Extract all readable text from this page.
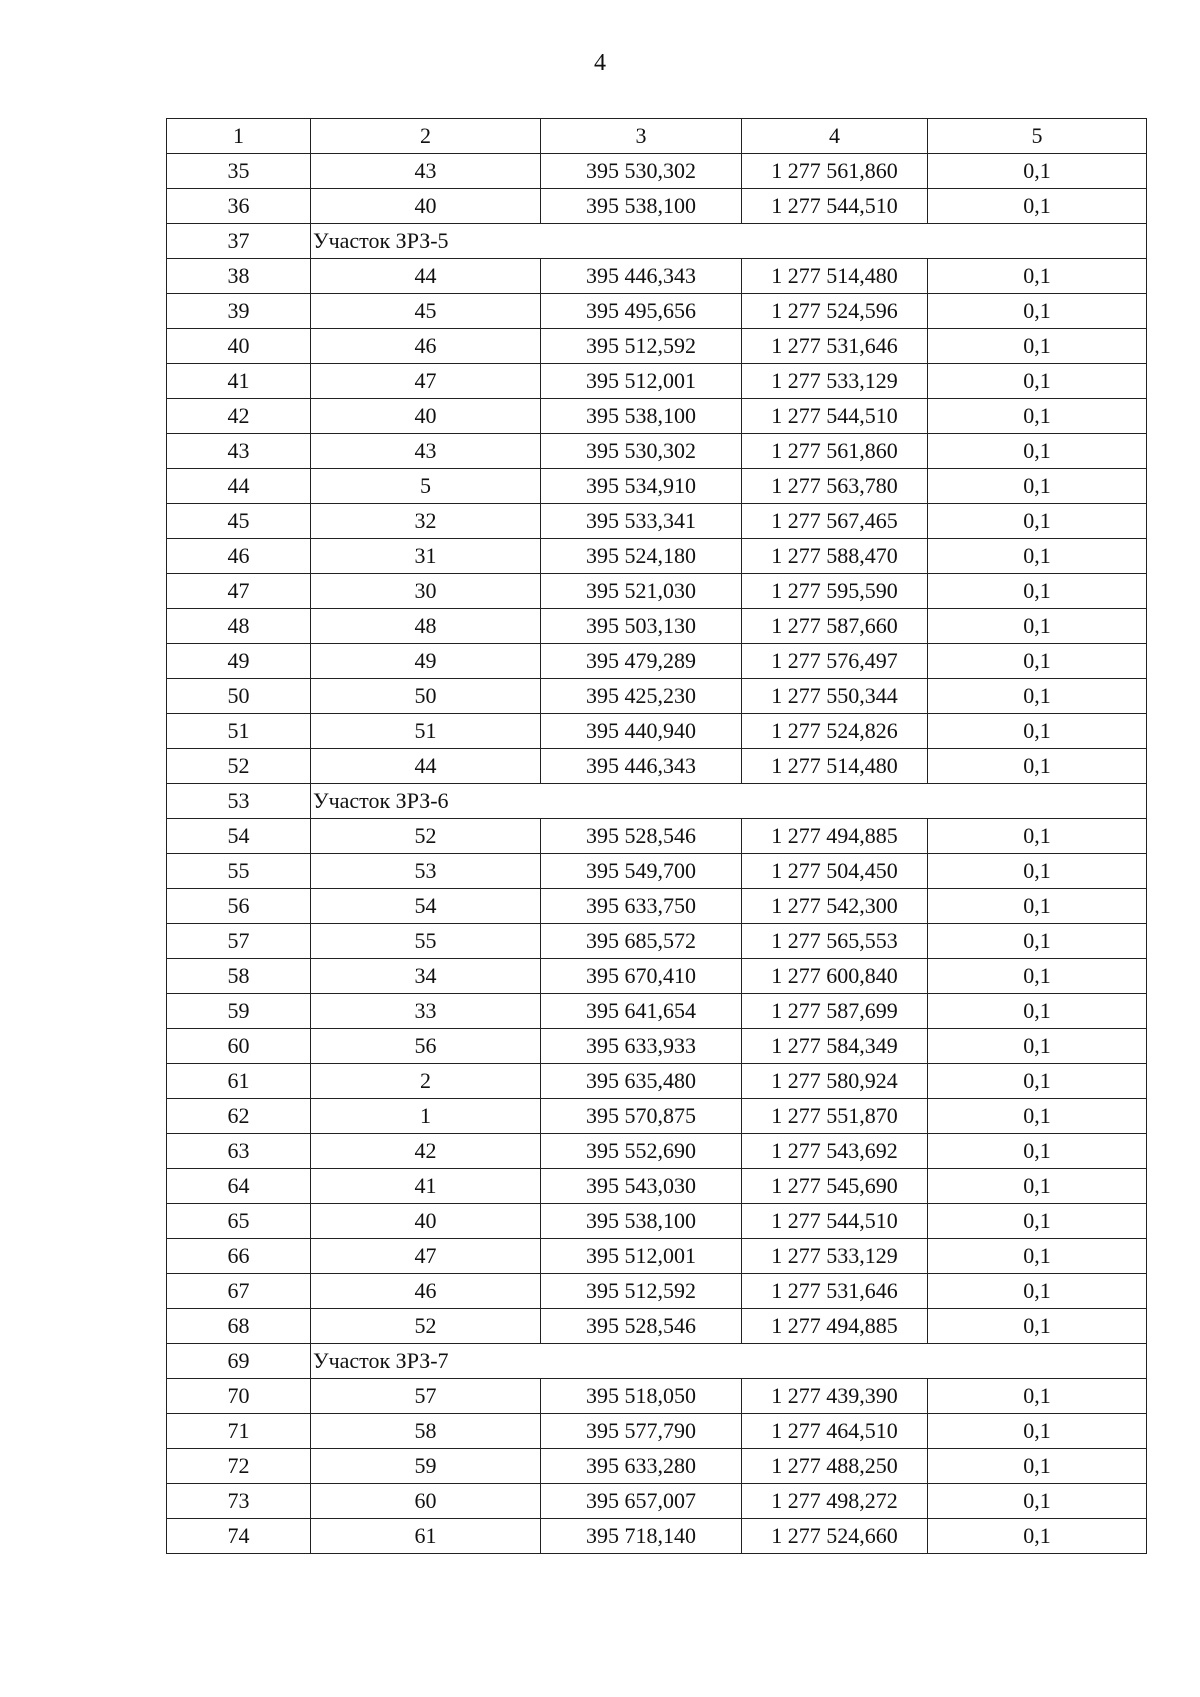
4
1	2	3	4	5
35	43	395 530,302	1 277 561,860	0,1
36	40	395 538,100	1 277 544,510	0,1
37	Участок ЗРЗ-5			
38	44	395 446,343	1 277 514,480	0,1
39	45	395 495,656	1 277 524,596	0,1
40	46	395 512,592	1 277 531,646	0,1
41	47	395 512,001	1 277 533,129	0,1
42	40	395 538,100	1 277 544,510	0,1
43	43	395 530,302	1 277 561,860	0,1
44	5	395 534,910	1 277 563,780	0,1
45	32	395 533,341	1 277 567,465	0,1
46	31	395 524,180	1 277 588,470	0,1
47	30	395 521,030	1 277 595,590	0,1
48	48	395 503,130	1 277 587,660	0,1
49	49	395 479,289	1 277 576,497	0,1
50	50	395 425,230	1 277 550,344	0,1
51	51	395 440,940	1 277 524,826	0,1
52	44	395 446,343	1 277 514,480	0,1
53	Участок ЗРЗ-6			
54	52	395 528,546	1 277 494,885	0,1
55	53	395 549,700	1 277 504,450	0,1
56	54	395 633,750	1 277 542,300	0,1
57	55	395 685,572	1 277 565,553	0,1
58	34	395 670,410	1 277 600,840	0,1
59	33	395 641,654	1 277 587,699	0,1
60	56	395 633,933	1 277 584,349	0,1
61	2	395 635,480	1 277 580,924	0,1
62	1	395 570,875	1 277 551,870	0,1
63	42	395 552,690	1 277 543,692	0,1
64	41	395 543,030	1 277 545,690	0,1
65	40	395 538,100	1 277 544,510	0,1
66	47	395 512,001	1 277 533,129	0,1
67	46	395 512,592	1 277 531,646	0,1
68	52	395 528,546	1 277 494,885	0,1
69	Участок ЗРЗ-7			
70	57	395 518,050	1 277 439,390	0,1
71	58	395 577,790	1 277 464,510	0,1
72	59	395 633,280	1 277 488,250	0,1
73	60	395 657,007	1 277 498,272	0,1
74	61	395 718,140	1 277 524,660	0,1
